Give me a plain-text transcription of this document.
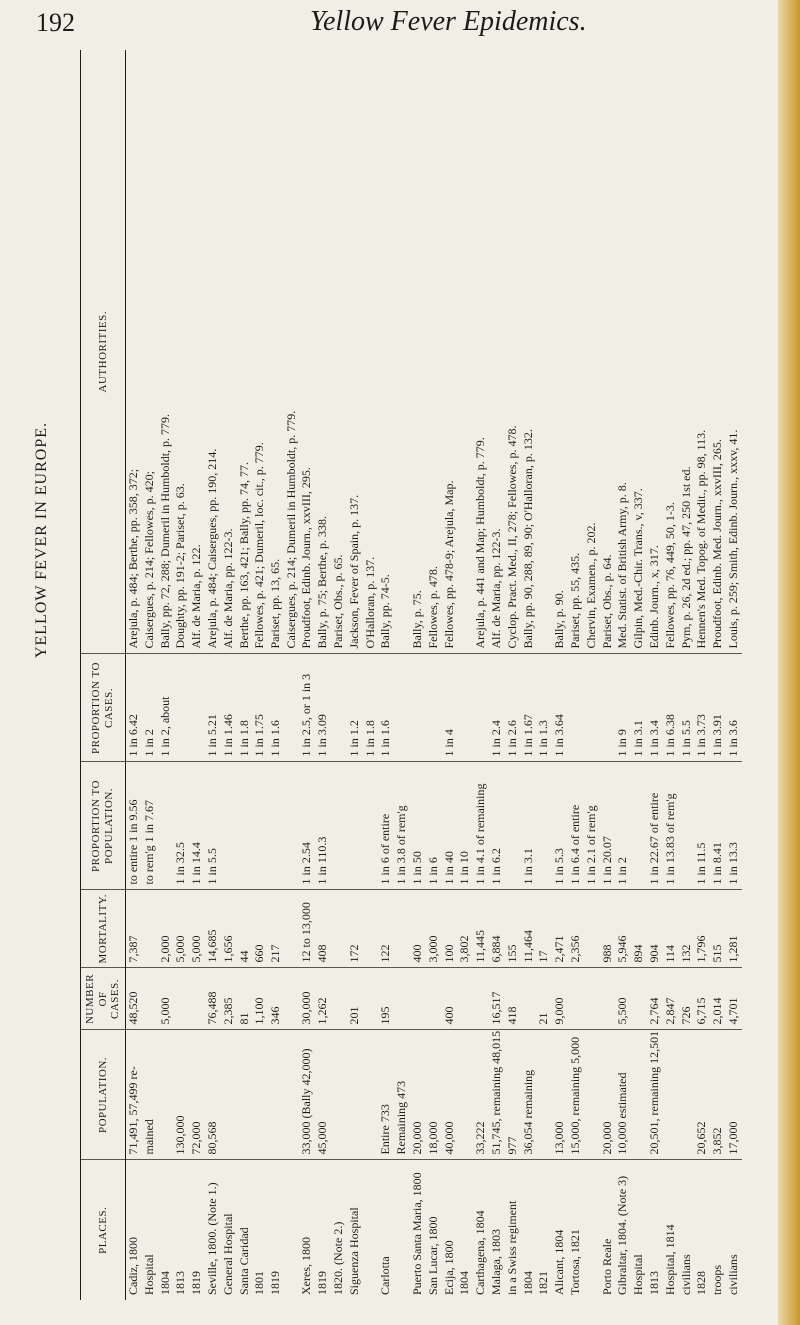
192	Yellow Fever Epidemics.
YELLOW FEVER IN EUROPE.
PLACES.	POPULATION.	NUMBER OF CASES.	MORTALITY.	PROPORTION TO POPULATION.	PROPORTION TO CASES.	AUTHORITIES.
Cadiz, 1800	71,491, 57,499 re-	48,520	7,387	to entire 1 in 9.56	1 in 6.42	Arejula, p. 484; Berthe, pp. 358, 372;
Hospital	mained			to rem'g 1 in 7.67	1 in 2	Caisergues, p. 214; Fellowes, p. 420;
1804		5,000	2,000		1 in 2, about	Bally, pp. 72, 288; Dumeril in Humboldt, p. 779.
1813	130,000		5,000	1 in 32.5		Doughty, pp. 191-2; Pariset, p. 63.
1819	72,000		5,000	1 in 14.4		Alf. de Maria, p. 122.
Seville, 1800. (Note 1.)	80,568	76,488	14,685	1 in 5.5	1 in 5.21	Arejula, p. 484; Caisergues, pp. 190, 214.
General Hospital		2,385	1,656		1 in 1.46	Alf. de Maria, pp. 122-3.
Santa Caridad		81	44		1 in 1.8	Berthe, pp. 163, 421; Bally, pp. 74, 77.
1801		1,100	660		1 in 1.75	Fellowes, p. 421; Dumeril, loc. cit., p. 779.
1819		346	217		1 in 1.6	Pariset, pp. 13, 65.
						Caisergues, p. 214; Dumeril in Humboldt, p. 779.
Xeres, 1800	33,000 (Bally 42,000)	30,000	12 to 13,000	1 in 2.54	1 in 2.5, or 1 in 3	Proudfoot, Edinb. Journ., xxvIII, 295.
1819	45,000	1,262	408	1 in 110.3	1 in 3.09	Bally, p. 75; Berthe, p. 338.
1820. (Note 2.)						Pariset, Obs., p. 65.
Siguenza Hospital		201	172		1 in 1.2	Jackson, Fever of Spain, p. 137.
					1 in 1.8	O'Halloran, p. 137.
Carlotta	Entire 733	195	122	1 in 6 of entire	1 in 1.6	Bally, pp. 74-5.
	Remaining 473			1 in 3.8 of rem'g		
Puerto Santa Maria, 1800	20,000		400	1 in 50		Bally, p. 75.
San Lucar, 1800	18,000		3,000	1 in 6		Fellowes, p. 478.
Ecija, 1800	40,000	400	100	1 in 40	1 in 4	Fellowes, pp. 478-9; Arejula, Map.
1804			3,802	1 in 10		
Carthagena, 1804	33,222		11,445	1 in 4.1 of remaining		Arejula, p. 441 and Map; Humboldt, p. 779.
Malaga, 1803	51,745, remaining 48,015	16,517	6,884	1 in 6.2	1 in 2.4	Alf. de Maria, pp. 122-3.
in a Swiss regiment	977	418	155		1 in 2.6	Cyclop. Pract. Med., II, 278; Fellowes, p. 478.
1804	36,054 remaining		11,464	1 in 3.1	1 in 1.67	Bally, pp. 90, 288, 89, 90; O'Halloran, p. 132.
1821		21	17		1 in 1.3	
Alicant, 1804	13,000	9,000	2,471	1 in 5.3	1 in 3.64	Bally, p. 90.
Tortosa, 1821	15,000, remaining 5,000		2,356	1 in 6.4 of entire		Pariset, pp. 55, 435.
				1 in 2.1 of rem'g		Chervin, Examen., p. 202.
Porto Reale	20,000		988	1 in 20.07		Pariset, Obs., p. 64.
Gibraltar, 1804. (Note 3)	10,000 estimated	5,500	5,946	1 in 2	1 in 9	Med. Statist. of British Army, p. 8.
Hospital			894		1 in 3.1	Gilpin, Med.-Chir. Trans., v, 337.
1813	20,501, remaining 12,501	2,764	904	1 in 22.67 of entire	1 in 3.4	Edinb. Journ., x, 317.
Hospital, 1814		2,847	114	1 in 13.83 of rem'g	1 in 6.38	Fellowes, pp. 76, 449, 50, 1-3.
civilians		726	132		1 in 5.5	Pym, p. 26, 2d ed.; pp. 47, 250 1st ed.
1828	20,652	6,715	1,796	1 in 11.5	1 in 3.73	Hennen's Med. Topog. of Medit., pp. 98, 113.
troops	3,852	2,014	515	1 in 8.41	1 in 3.91	Proudfoot, Edinb. Med. Journ., xxvIII, 265.
civilians	17,000	4,701	1,281	1 in 13.3	1 in 3.6	Louis, p. 259; Smith, Edinb. Journ., xxxv, 41.
